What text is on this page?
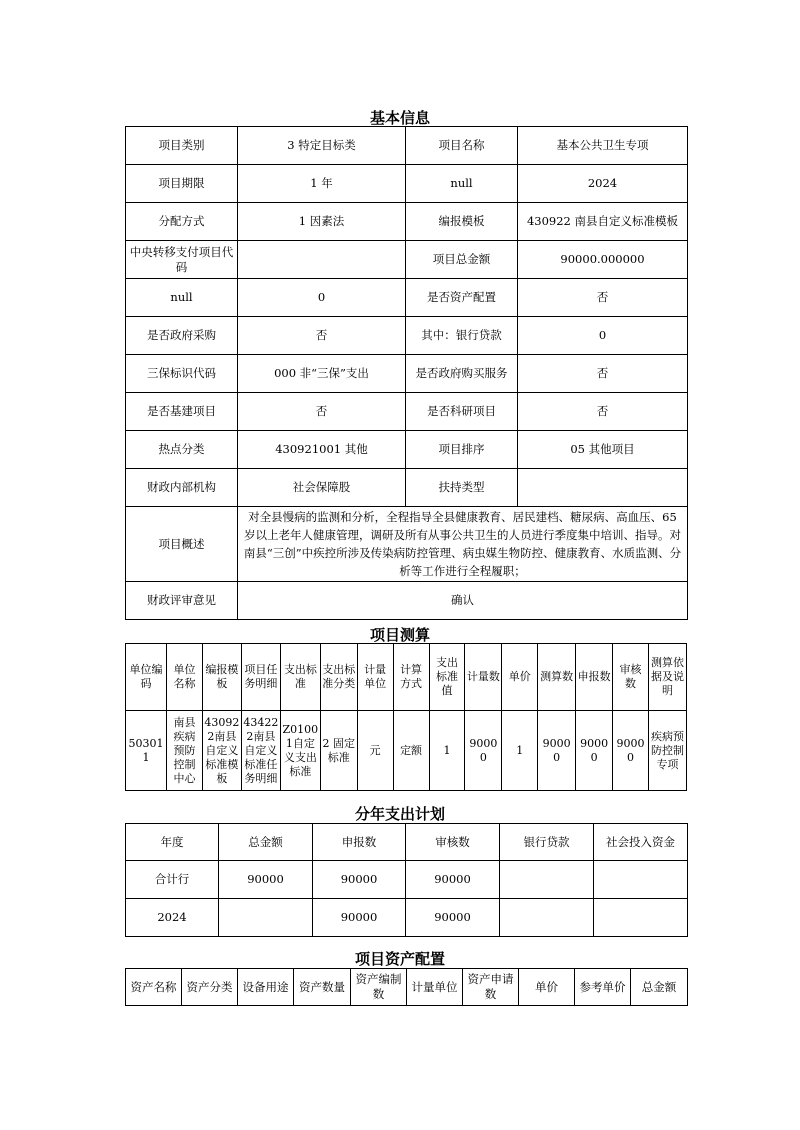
基本信息
项目类别	3 特定目标类	项目名称	基本公共卫生专项
项目期限	1 年	null	2024
分配方式	1 因素法	编报模板	430922 南县自定义标准模板
中央转移支付项目代码		项目总金额	90000.000000
null	0	是否资产配置	否
是否政府采购	否	其中：银行贷款	0
三保标识代码	000 非“三保”支出	是否政府购买服务	否
是否基建项目	否	是否科研项目	否
热点分类	430921001 其他	项目排序	05 其他项目
财政内部机构	社会保障股	扶持类型	
项目概述	对全县慢病的监测和分析，全程指导全县健康教育、居民建档、糖尿病、高血压、65 岁以上老年人健康管理，调研及所有从事公共卫生的人员进行季度集中培训、指导。对南县“三创”中疾控所涉及传染病防控管理、病虫媒生物防控、健康教育、水质监测、分析等工作进行全程履职；		
财政评审意见	确认		
项目测算
单位编码	单位名称	编报模板	项目任务明细	支出标准	支出标准分类	计量单位	计算方式	支出标准值	计量数	单价	测算数	申报数	审核数	测算依据及说明
503011	南县疾病预防控制中心	430922南县自定义标准模板	434222南县自定义标准任务明细	Z01001自定义支出标准	2 固定标准	元	定额	1	90000	1	90000	90000	90000	疾病预防控制专项
分年支出计划
年度	总金额	申报数	审核数	银行贷款	社会投入资金
合计行	90000	90000	90000		
2024		90000	90000		
项目资产配置
资产名称	资产分类	设备用途	资产数量	资产编制数	计量单位	资产申请数	单价	参考单价	总金额
